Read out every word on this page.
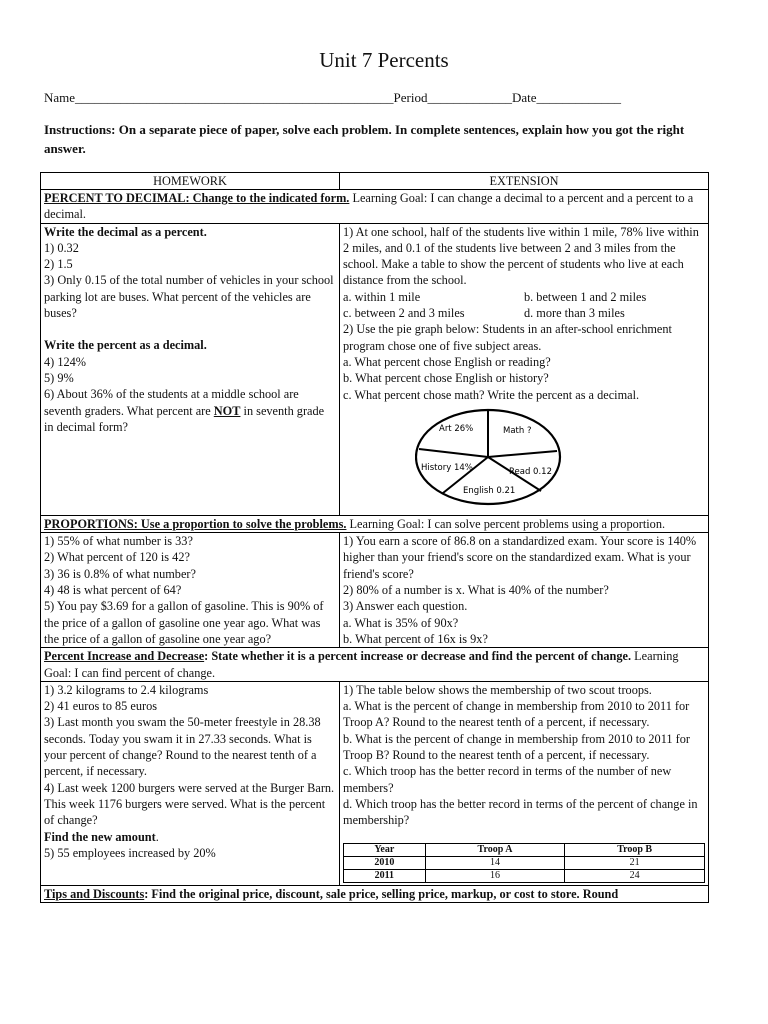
Unit 7 Percents
Name_________________________________________________Period_____________Date_____________
Instructions: On a separate piece of paper, solve each problem. In complete sentences, explain how you got the right answer.
HOMEWORK	EXTENSION
PERCENT TO DECIMAL: Change to the indicated form. Learning Goal: I can change a decimal to a percent and a percent to a decimal.

Write the decimal as a percent.
1) 0.32
2) 1.5
3) Only 0.15 of the total number of vehicles in your school parking lot are buses. What percent of the vehicles are buses?
Write the percent as a decimal.
4) 124%
5) 9%
6) About 36% of the students at a middle school are seventh graders. What percent are NOT in seventh grade in decimal form?

1) At one school, half of the students live within 1 mile, 78% live within 2 miles, and 0.1 of the students live between 2 and 3 miles from the school. Make a table to show the percent of students who live at each distance from the school.
a. within 1 mile	b. between 1 and 2 miles
c. between 2 and 3 miles	d. more than 3 miles
2) Use the pie graph below: Students in an after-school enrichment program chose one of five subject areas.
a. What percent chose English or reading?
b. What percent chose English or history?
c. What percent chose math? Write the percent as a decimal.
Art 26%	Math ?
History 14%	Read 0.12
English 0.21

PROPORTIONS: Use a proportion to solve the problems. Learning Goal: I can solve percent problems using a proportion.

1) 55% of what number is 33?
2) What percent of 120 is 42?
3) 36 is 0.8% of what number?
4) 48 is what percent of 64?
5) You pay $3.69 for a gallon of gasoline. This is 90% of the price of a gallon of gasoline one year ago. What was the price of a gallon of gasoline one year ago?

1) You earn a score of 86.8 on a standardized exam. Your score is 140% higher than your friend's score on the standardized exam. What is your friend's score?
2) 80% of a number is x. What is 40% of the number?
3) Answer each question.
a. What is 35% of 90x?
b. What percent of 16x is 9x?

Percent Increase and Decrease: State whether it is a percent increase or decrease and find the percent of change. Learning Goal: I can find percent of change.

1) 3.2 kilograms to 2.4 kilograms
2) 41 euros to 85 euros
3) Last month you swam the 50-meter freestyle in 28.38 seconds. Today you swam it in 27.33 seconds. What is your percent of change? Round to the nearest tenth of a percent, if necessary.
4) Last week 1200 burgers were served at the Burger Barn. This week 1176 burgers were served. What is the percent of change?
Find the new amount.
5) 55 employees increased by 20%

1) The table below shows the membership of two scout troops.
a. What is the percent of change in membership from 2010 to 2011 for Troop A? Round to the nearest tenth of a percent, if necessary.
b. What is the percent of change in membership from 2010 to 2011 for Troop B? Round to the nearest tenth of a percent, if necessary.
c. Which troop has the better record in terms of the number of new members?
d. Which troop has the better record in terms of the percent of change in membership?
Year	Troop A	Troop B
2010	14	21
2011	16	24

Tips and Discounts: Find the original price, discount, sale price, selling price, markup, or cost to store. Round
